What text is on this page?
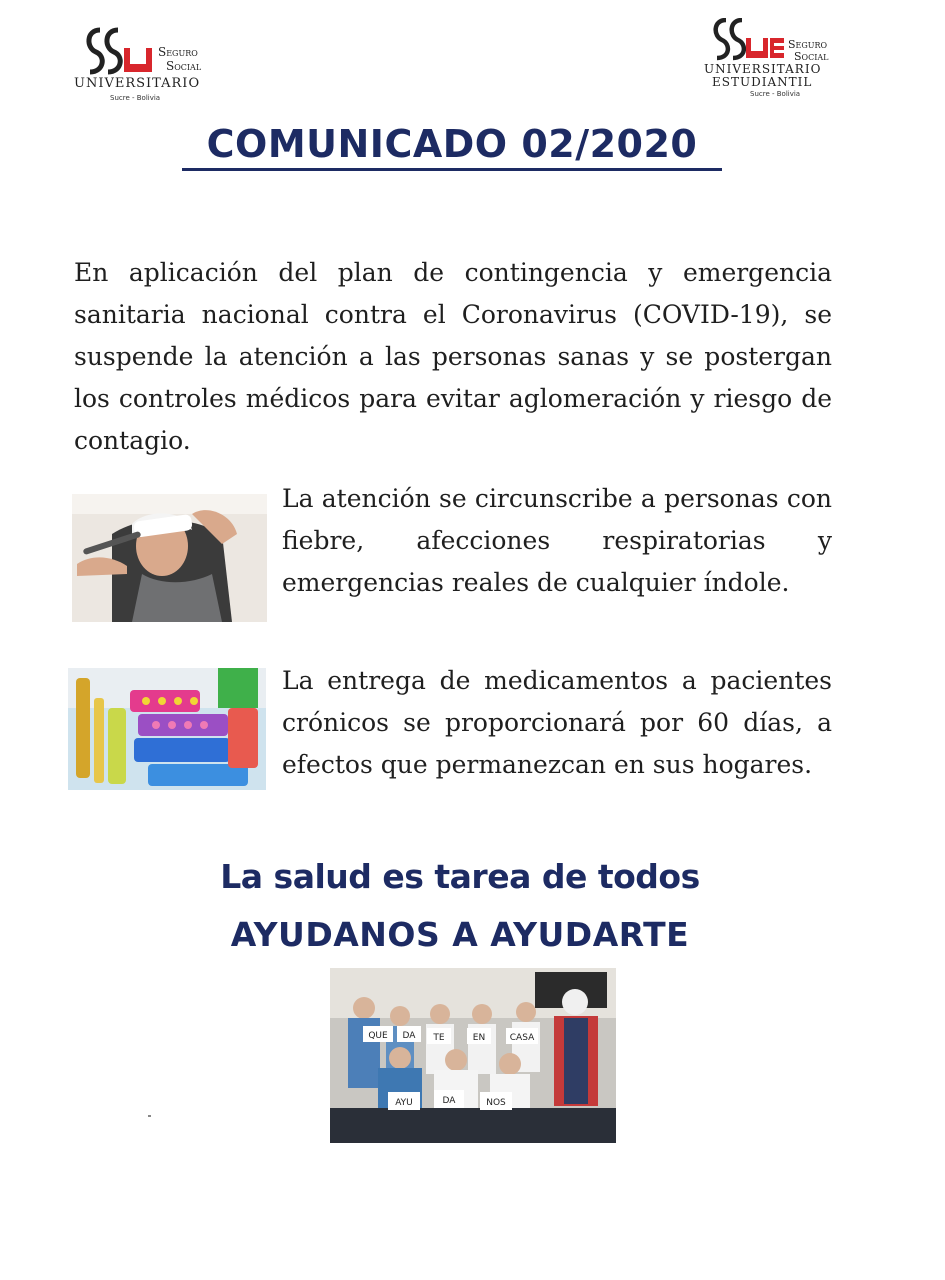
Seguro
Social
UNIVERSITARIO
Sucre - Bolivia
Seguro
Social
UNIVERSITARIO
ESTUDIANTIL
Sucre - Bolivia
COMUNICADO 02/2020
En aplicación del plan de contingencia y emergencia sanitaria nacional contra el Coronavirus (COVID-19), se suspende la atención a las personas sanas y se postergan los controles médicos para evitar aglomeración y riesgo de contagio.
La atención se circunscribe a personas con fiebre, afecciones respiratorias y emergencias reales de cualquier índole.
La entrega de medicamentos a pacientes crónicos se proporcionará por 60 días, a efectos que permanezcan en sus hogares.
La salud es tarea de todos
AYUDANOS A AYUDARTE
QUE DA TE	EN	CASA
AYU	DA	NOS
